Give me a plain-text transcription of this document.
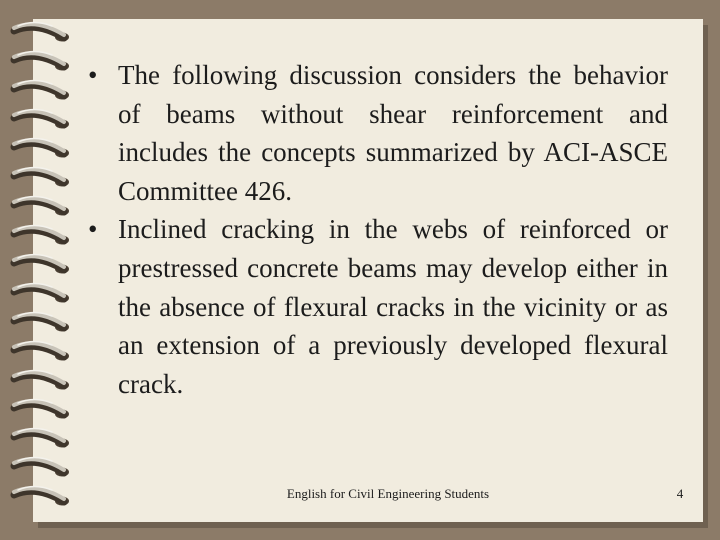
• The following discussion considers the behavior of beams without shear reinforcement and includes the concepts summarized by ACI-ASCE Committee 426.
• Inclined cracking in the webs of reinforced or prestressed concrete beams may develop either in the absence of flexural cracks in the vicinity or as an extension of a previously developed flexural crack.
English for Civil Engineering Students	4
